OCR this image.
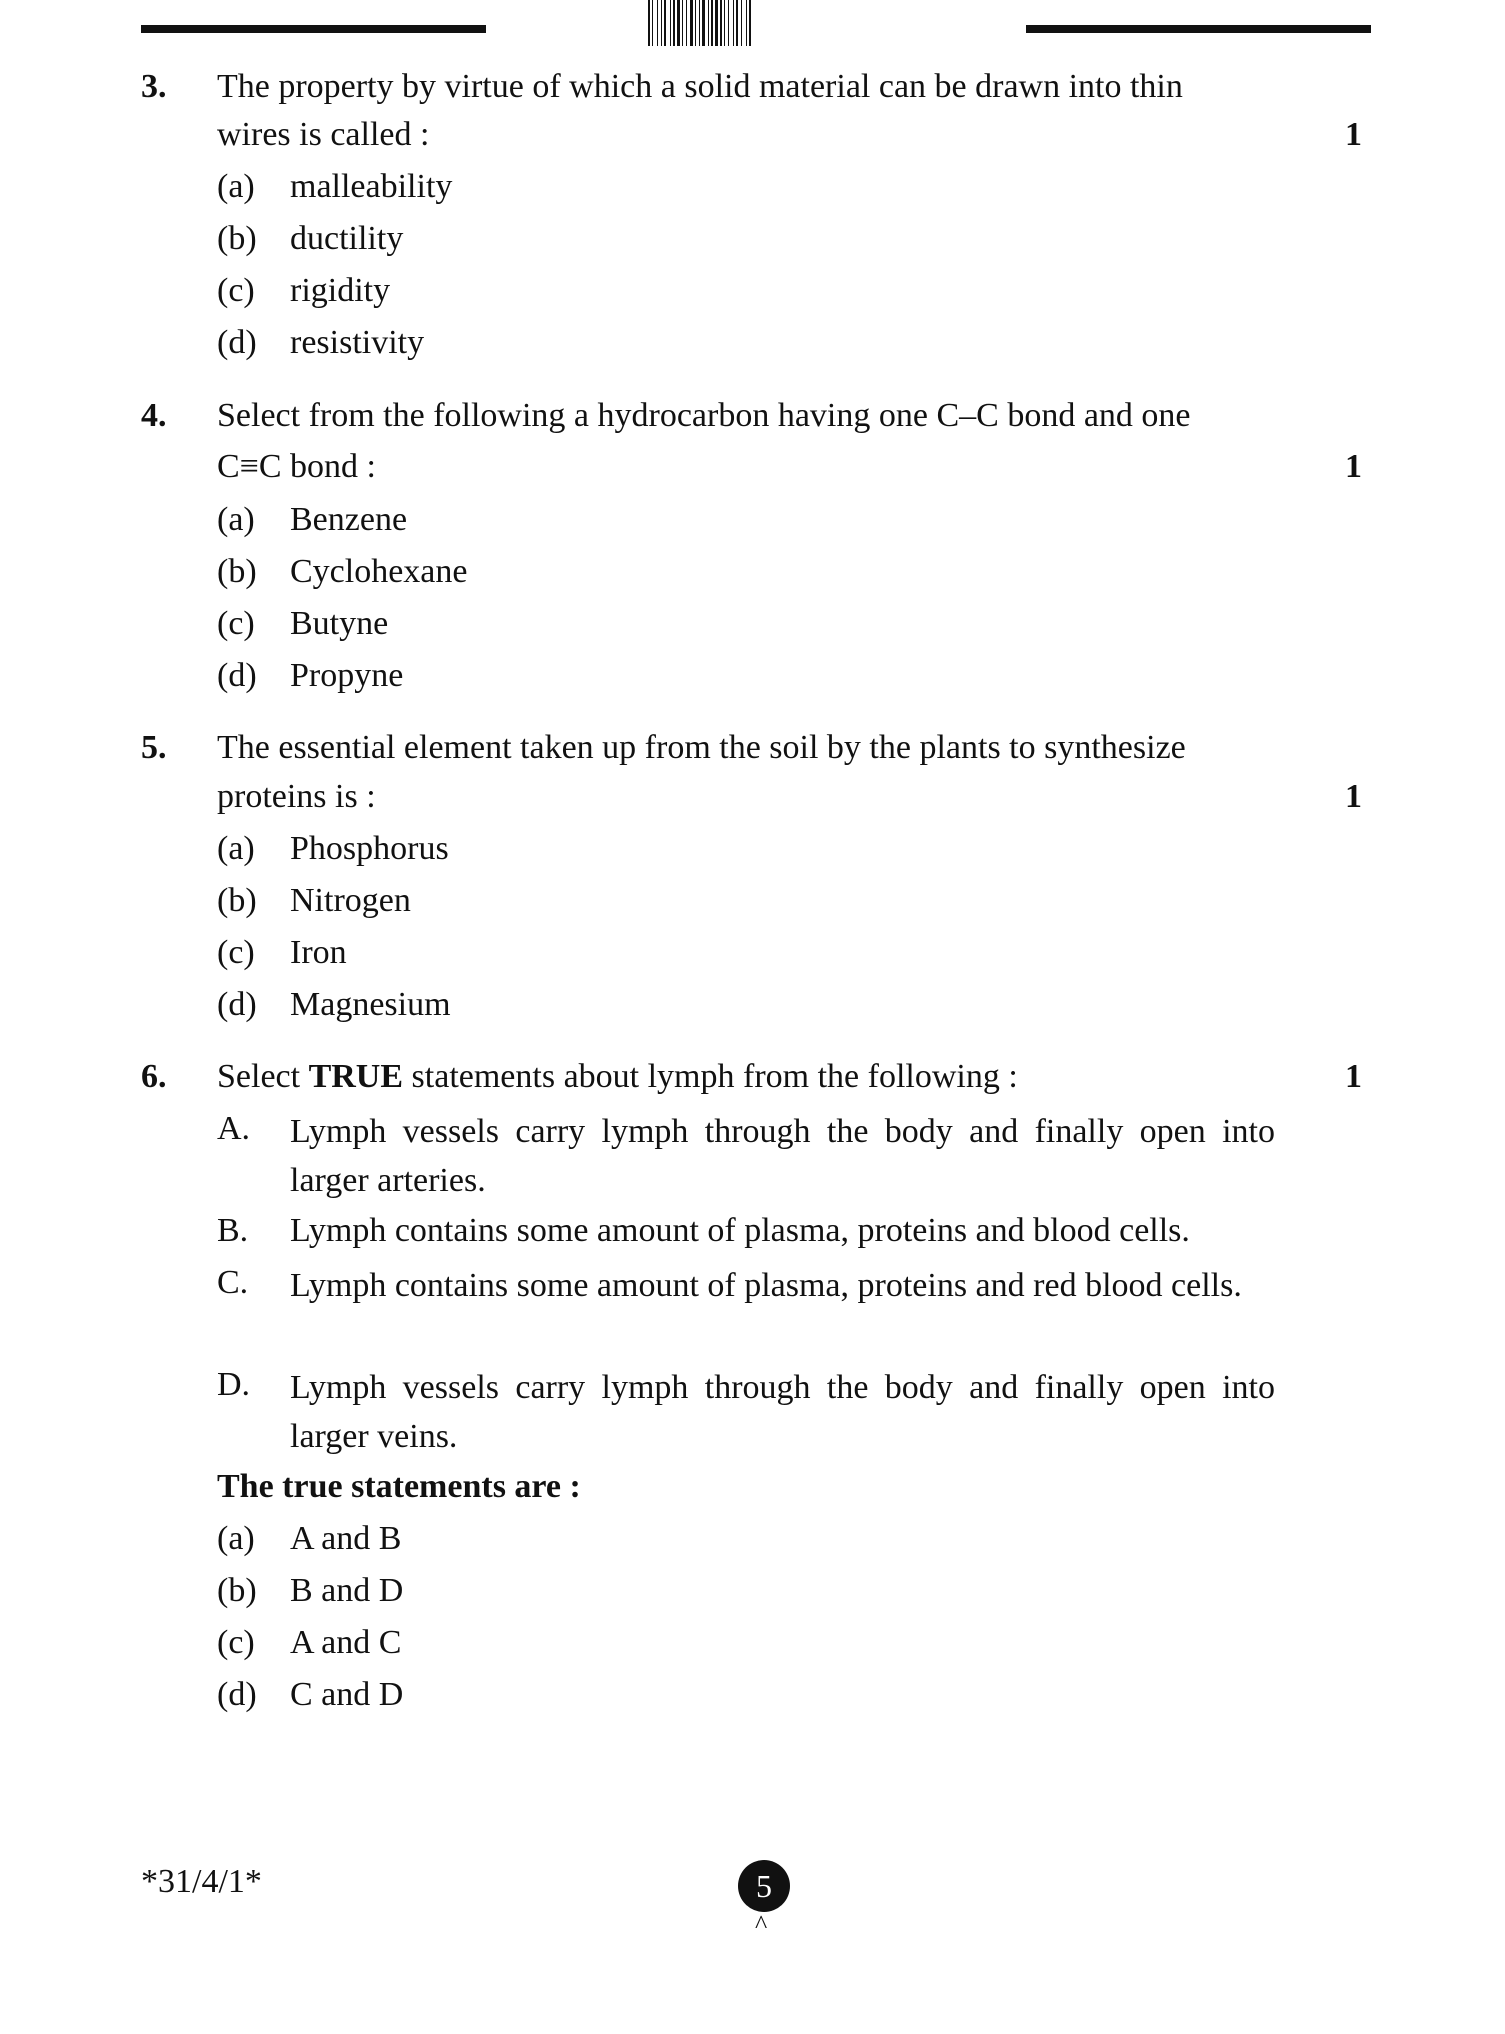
3. The property by virtue of which a solid material can be drawn into thin
wires is called :	1
(a) malleability
(b) ductility
(c) rigidity
(d) resistivity
4. Select from the following a hydrocarbon having one C–C bond and one
C≡C bond :	1
(a) Benzene
(b) Cyclohexane
(c) Butyne
(d) Propyne
5. The essential element taken up from the soil by the plants to synthesize
proteins is :	1
(a) Phosphorus
(b) Nitrogen
(c) Iron
(d) Magnesium
6. Select TRUE statements about lymph from the following :	1
A. Lymph vessels carry lymph through the body and finally open into larger arteries.
B. Lymph contains some amount of plasma, proteins and blood cells.
C. Lymph contains some amount of plasma, proteins and red blood cells.
D. Lymph vessels carry lymph through the body and finally open into larger veins.
The true statements are :
(a) A and B
(b) B and D
(c) A and C
(d) C and D
*31/4/1*	5
^
